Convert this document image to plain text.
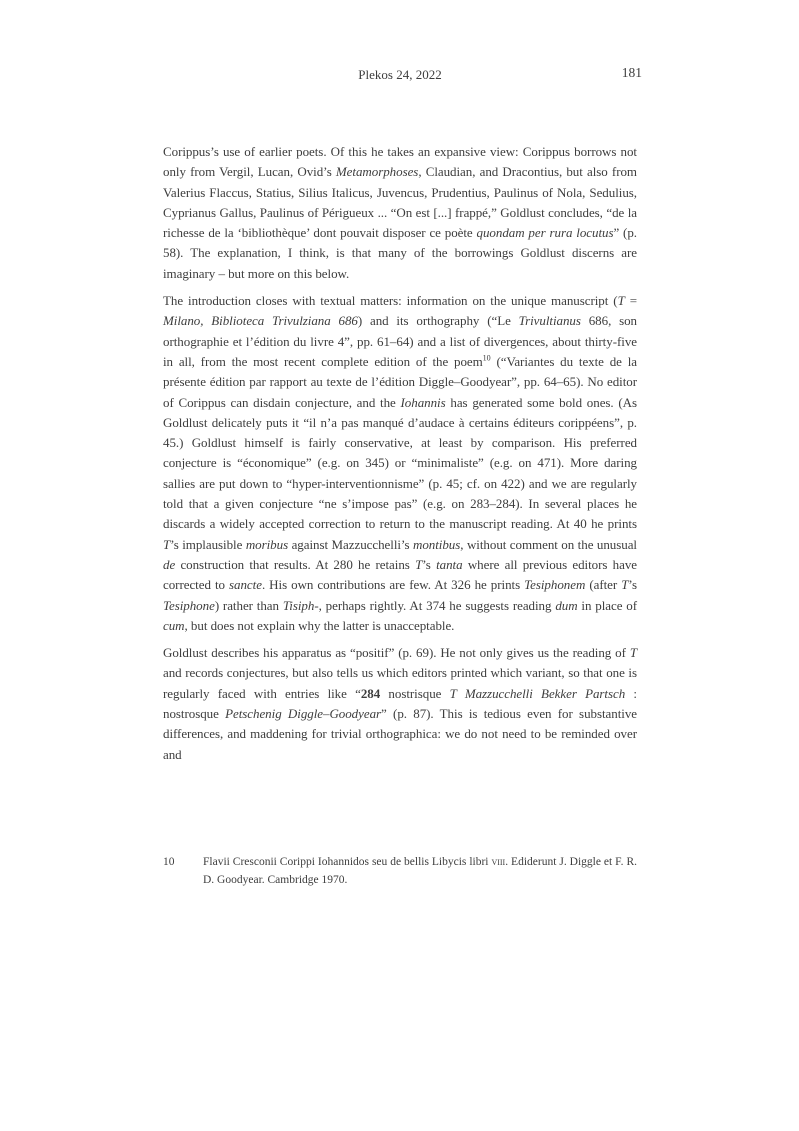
Plekos 24, 2022	181

Corippus’s use of earlier poets. Of this he takes an expansive view: Corippus borrows not only from Vergil, Lucan, Ovid’s Metamorphoses, Claudian, and Dracontius, but also from Valerius Flaccus, Statius, Silius Italicus, Juvencus, Prudentius, Paulinus of Nola, Sedulius, Cyprianus Gallus, Paulinus of Périgueux ... “On est [...] frappé,” Goldlust concludes, “de la richesse de la ‘bibliothèque’ dont pouvait disposer ce poète quondam per rura locutus” (p. 58). The explanation, I think, is that many of the borrowings Goldlust discerns are imaginary – but more on this below.

The introduction closes with textual matters: information on the unique manuscript (T = Milano, Biblioteca Trivulziana 686) and its orthography (“Le Trivultianus 686, son orthographie et l’édition du livre 4”, pp. 61–64) and a list of divergences, about thirty-five in all, from the most recent complete edition of the poem$^{10}$ (“Variantes du texte de la présente édition par rapport au texte de l’édition Diggle–Goodyear”, pp. 64–65). No editor of Corippus can disdain conjecture, and the Iohannis has generated some bold ones. (As Goldlust delicately puts it “il n’a pas manqué d’audace à certains éditeurs corippéens”, p. 45.) Goldlust himself is fairly conservative, at least by comparison. His preferred conjecture is “économique” (e.g. on 345) or “minimaliste” (e.g. on 471). More daring sallies are put down to “hyper-interventionnisme” (p. 45; cf. on 422) and we are regularly told that a given conjecture “ne s’impose pas” (e.g. on 283–284). In several places he discards a widely accepted correction to return to the manuscript reading. At 40 he prints T’s implausible moribus against Mazzucchelli’s montibus, without comment on the unusual de construction that results. At 280 he retains T’s tanta where all previous editors have corrected to sancte. His own contributions are few. At 326 he prints Tesiphonem (after T’s Tesiphone) rather than Tisiph-, perhaps rightly. At 374 he suggests reading dum in place of cum, but does not explain why the latter is unacceptable.

Goldlust describes his apparatus as “positif” (p. 69). He not only gives us the reading of T and records conjectures, but also tells us which editors printed which variant, so that one is regularly faced with entries like “284 nostrisque T Mazzucchelli Bekker Partsch : nostrosque Petschenig Diggle–Goodyear” (p. 87). This is tedious even for substantive differences, and maddening for trivial orthographica: we do not need to be reminded over and

10	Flavii Cresconii Corippi Iohannidos seu de bellis Libycis libri viii. Ediderunt J. Diggle et F. R. D. Goodyear. Cambridge 1970.
